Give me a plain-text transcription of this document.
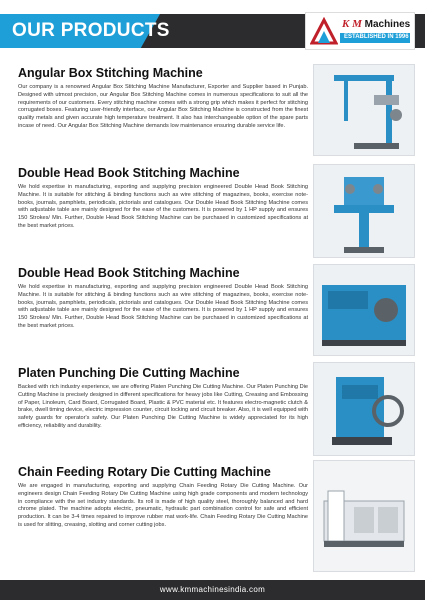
OUR PRODUCTS	K M Machines
ESTABLISHED IN 1996
Angular Box Stitching Machine

Our company is a renowned Angular Box Stitching Machine Manufacturer, Exporter and Supplier based in Punjab. Designed with utmost precision, our Angular Box Stitching Machine comes in numerous specifications to suit all the requirements of our customers. Every stitching machine comes with a strong grip which makes it perfect for stitching corrugated boxes. Featuring user-friendly interface, our Angular Box Stitching Machine is constructed from the finest quality metals and given accurate high temperature treatment. It also has interchangeable option of the spare parts incase of need. Our Angular Box Stitching Machine demands low maintenance ensuring durable service life.

Double Head Book Stitching Machine

We hold expertise in manufacturing, exporting and supplying precision engineered Double Head Book Stitching Machine. It is suitable for stitching & binding functions such as wire stitching of magazines, books, exercise note-books, journals, pamphlets, periodicals, pictorials and catalogues. Our Double Head Book Stitching Machine comes with adjustable table are mainly designed for the ease of the customers. It is powered by 1 HP supply and ensures 150 Strokes/ Min. Further, Double Head Book Stitching Machine can be purchased in customized specifications at the best market prices.

Double Head Book Stitching Machine

We hold expertise in manufacturing, exporting and supplying precision engineered Double Head Book Stitching Machine. It is suitable for stitching & binding functions such as wire stitching of magazines, books, exercise note-books, journals, pamphlets, periodicals, pictorials and catalogues. Our Double Head Book Stitching Machine comes with adjustable table are mainly designed for the ease of the customers. It is powered by 1 HP supply and ensures 150 Strokes/ Min. Further, Double Head Book Stitching Machine can be purchased in customized specifications at the best market prices.

Platen Punching Die Cutting Machine

Backed with rich industry experience, we are offering Platen Punching Die Cutting Machine. Our Platen Punching Die Cutting Machine is precisely designed in different specifications for heavy jobs like Cutting, Creasing and Embossing of Paper, Linoleum, Card Board, Corrugated Board, Plastic & PVC material etc. It features electro-magnetic clutch & brake, dwell timing device, electric impression counter, circuit locking and circuit breaker. Also, it is well equipped with safety guards for operator's safety. Our Platen Punching Die Cutting Machine is widely appreciated for its high efficiency, reliability and durability.

Chain Feeding Rotary Die Cutting Machine

We are engaged in manufacturing, exporting and supplying Chain Feeding Rotary Die Cutting Machine. Our engineers design Chain Feeding Rotary Die Cutting Machine using high grade components and modern technology in compliance with the set industry standards. Its roll is made of high quality steel, thoroughly balanced and hard chrome plated. The machine adopts electric, pneumatic, hydraulic part combination control for safe and efficient production. It can be 3-4 times repaired to improve rubber mat work-life. Chain Feeding Rotary Die Cutting Machine is used for slitting, creasing, slotting and corner cutting jobs.

www.kmmachinesindia.com
